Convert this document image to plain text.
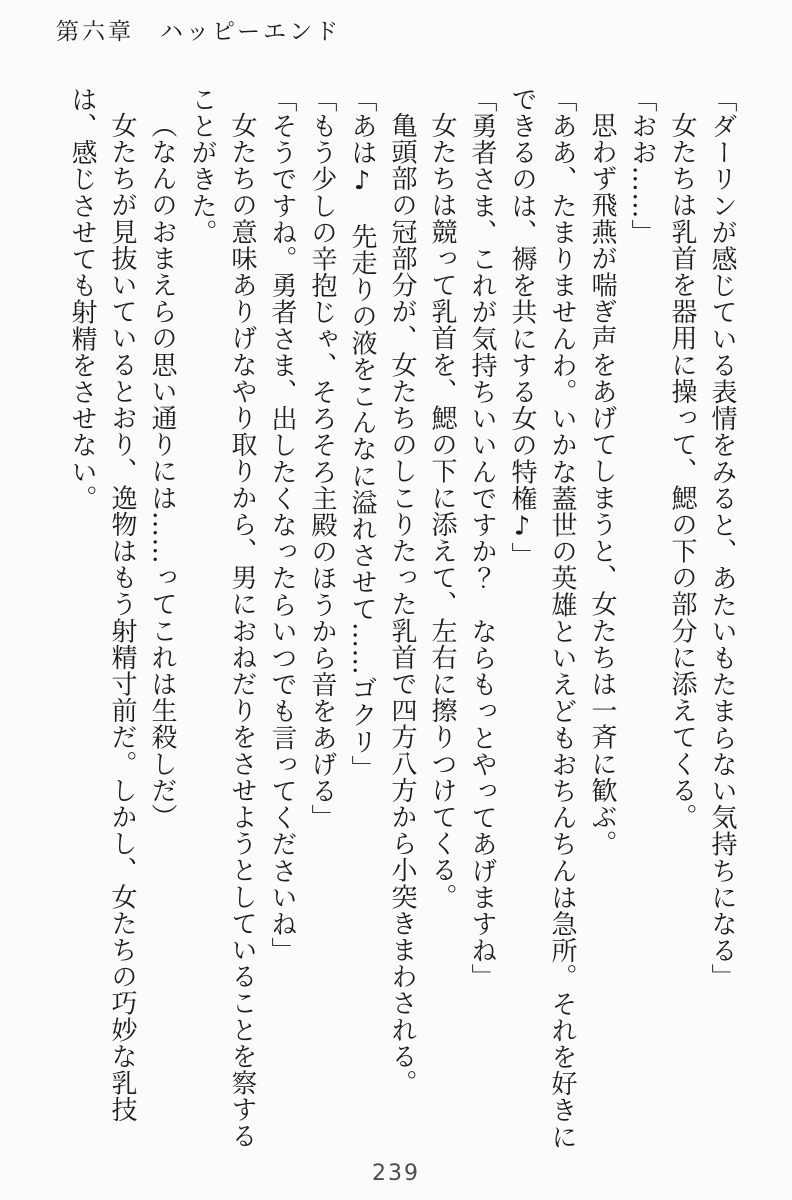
第六章　ハッピーエンド

「ダーリンが感じている表情をみると、あたいもたまらない気持ちになる」

女たちは乳首を器用に操って、鰓の下の部分に添えてくる。

「おお……」

思わず飛燕が喘ぎ声をあげてしまうと、女たちは一斉に歓ぶ。

「ああ、たまりませんわ。いかな蓋世の英雄といえどもおちんちんは急所。それを好きにできるのは、褥を共にする女の特権♪」

「勇者さま、これが気持ちいいんですか？　ならもっとやってあげますね」

女たちは競って乳首を、鰓の下に添えて、左右に擦りつけてくる。

亀頭部の冠部分が、女たちのしこりたった乳首で四方八方から小突きまわされる。

「あは♪　先走りの液をこんなに溢れさせて……ゴクリ」

「もう少しの辛抱じゃ、そろそろ主殿のほうから音をあげる」

「そうですね。勇者さま、出したくなったらいつでも言ってくださいね」

女たちの意味ありげなやり取りから、男におねだりをさせようとしていることを察することがきた。

（なんのおまえらの思い通りには……ってこれは生殺しだ）

女たちが見抜いているとおり、逸物はもう射精寸前だ。しかし、女たちの巧妙な乳技は、感じさせても射精をさせない。

239
